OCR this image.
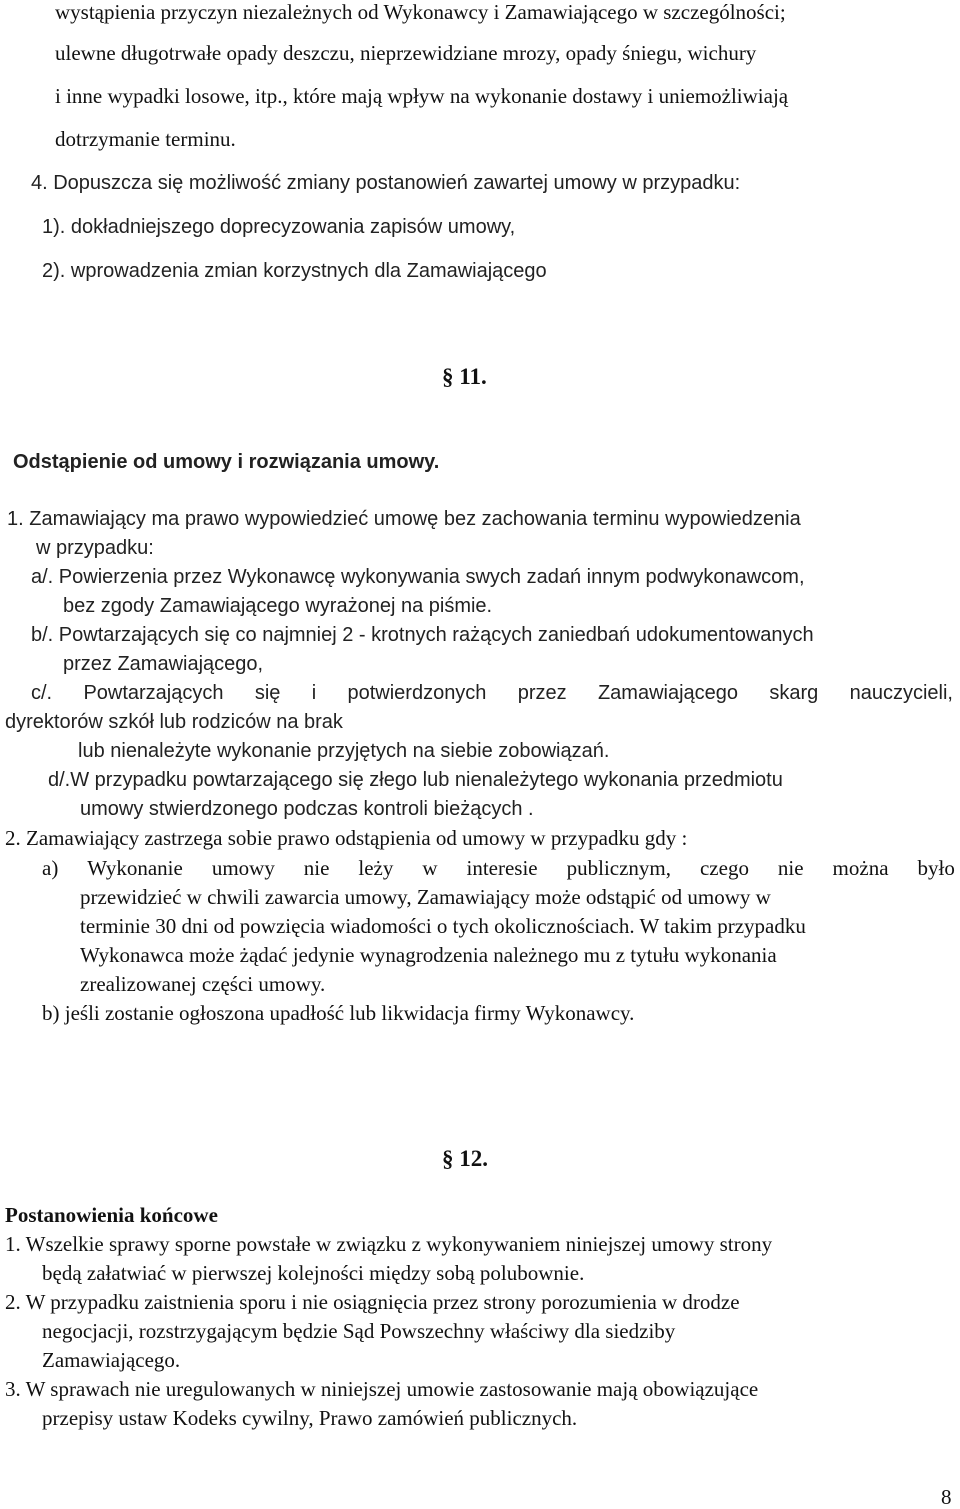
wystąpienia przyczyn niezależnych od Wykonawcy i Zamawiającego w szczególności;
ulewne długotrwałe opady deszczu, nieprzewidziane mrozy, opady śniegu, wichury
i inne wypadki losowe, itp., które mają wpływ na wykonanie dostawy i uniemożliwiają
dotrzymanie terminu.
4. Dopuszcza się możliwość zmiany postanowień zawartej umowy w przypadku:
1). dokładniejszego doprecyzowania zapisów umowy,
2). wprowadzenia zmian korzystnych dla Zamawiającego
§ 11.
Odstąpienie od umowy i rozwiązania umowy.
1. Zamawiający ma prawo wypowiedzieć umowę bez zachowania terminu wypowiedzenia
w przypadku:
a/. Powierzenia przez Wykonawcę wykonywania swych zadań innym podwykonawcom,
bez zgody Zamawiającego wyrażonej na piśmie.
b/. Powtarzających się co najmniej 2 - krotnych rażących zaniedbań udokumentowanych
przez Zamawiającego,
c/. Powtarzających się i potwierdzonych przez Zamawiającego skarg nauczycieli,
dyrektorów szkół lub rodziców na brak
lub nienależyte wykonanie przyjętych na siebie zobowiązań.
d/.W przypadku powtarzającego się złego lub nienależytego wykonania przedmiotu
umowy stwierdzonego podczas kontroli bieżących .
2. Zamawiający zastrzega sobie prawo odstąpienia od umowy w przypadku gdy :
a) Wykonanie umowy nie leży w interesie publicznym, czego nie można było
przewidzieć w chwili zawarcia umowy, Zamawiający może odstąpić od umowy w
terminie 30 dni od powzięcia wiadomości o tych okolicznościach. W takim przypadku
Wykonawca może żądać jedynie wynagrodzenia należnego mu z tytułu wykonania
zrealizowanej części umowy.
b) jeśli zostanie ogłoszona upadłość lub likwidacja firmy Wykonawcy.
§ 12.
Postanowienia końcowe
1. Wszelkie sprawy sporne powstałe w związku z wykonywaniem niniejszej umowy strony
będą załatwiać w pierwszej kolejności między sobą polubownie.
2. W przypadku zaistnienia sporu i nie osiągnięcia przez strony porozumienia w drodze
negocjacji, rozstrzygającym będzie Sąd Powszechny właściwy dla siedziby
Zamawiającego.
3. W sprawach nie uregulowanych w niniejszej umowie zastosowanie mają obowiązujące
przepisy ustaw Kodeks cywilny, Prawo zamówień publicznych.
8
